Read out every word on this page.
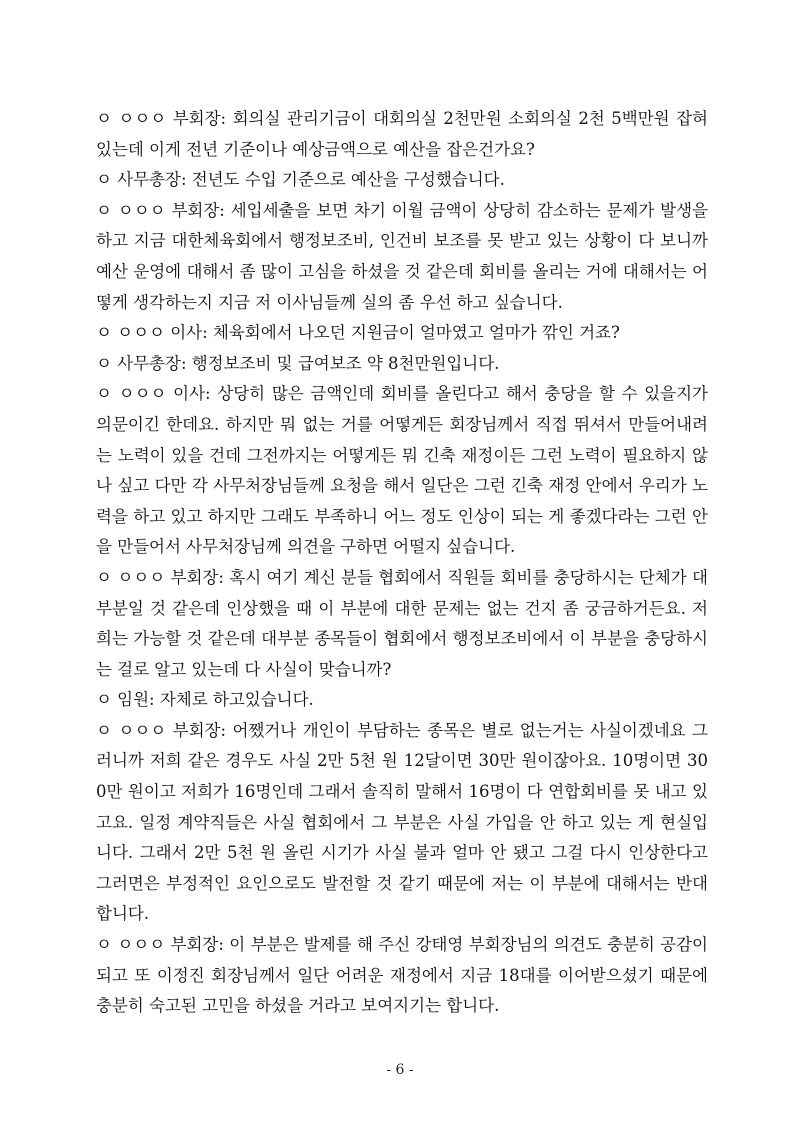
ㅇ ㅇㅇㅇ 부회장: 회의실 관리기금이 대회의실 2천만원 소회의실 2천 5백만원 잡혀있는데 이게 전년 기준이나 예상금액으로 예산을 잡은건가요?

ㅇ 사무총장: 전년도 수입 기준으로 예산을 구성했습니다.

ㅇ ㅇㅇㅇ 부회장: 세입세출을 보면 차기 이월 금액이 상당히 감소하는 문제가 발생을하고 지금 대한체육회에서 행정보조비, 인건비 보조를 못 받고 있는 상황이 다 보니까 예산 운영에 대해서 좀 많이 고심을 하셨을 것 같은데 회비를 올리는 거에 대해서는 어떻게 생각하는지 지금 저 이사님들께 실의 좀 우선 하고 싶습니다.

ㅇ ㅇㅇㅇ 이사: 체육회에서 나오던 지원금이 얼마였고 얼마가 깎인 거죠?

ㅇ 사무총장: 행정보조비 및 급여보조 약 8천만원입니다.

ㅇ ㅇㅇㅇ 이사: 상당히 많은 금액인데 회비를 올린다고 해서 충당을 할 수 있을지가 의문이긴 한데요. 하지만 뭐 없는 거를 어떻게든 회장님께서 직접 뛰셔서 만들어내려는 노력이 있을 건데 그전까지는 어떻게든 뭐 긴축 재정이든 그런 노력이 필요하지 않나 싶고 다만 각 사무처장님들께 요청을 해서 일단은 그런 긴축 재정 안에서 우리가 노력을 하고 있고 하지만 그래도 부족하니 어느 정도 인상이 되는 게 좋겠다라는 그런 안을 만들어서 사무처장님께 의견을 구하면 어떨지 싶습니다.

ㅇ ㅇㅇㅇ 부회장: 혹시 여기 계신 분들 협회에서 직원들 회비를 충당하시는 단체가 대부분일 것 같은데 인상했을 때 이 부분에 대한 문제는 없는 건지 좀 궁금하거든요. 저희는 가능할 것 같은데 대부분 종목들이 협회에서 행정보조비에서 이 부분을 충당하시는 걸로 알고 있는데 다 사실이 맞습니까?

ㅇ 임원: 자체로 하고있습니다.

ㅇ ㅇㅇㅇ 부회장: 어쨌거나 개인이 부담하는 종목은 별로 없는거는 사실이겠네요 그러니까 저희 같은 경우도 사실 2만 5천 원 12달이면 30만 원이잖아요. 10명이면 300만 원이고 저희가 16명인데 그래서 솔직히 말해서 16명이 다 연합회비를 못 내고 있고요. 일정 계약직들은 사실 협회에서 그 부분은 사실 가입을 안 하고 있는 게 현실입니다. 그래서 2만 5천 원 올린 시기가 사실 불과 얼마 안 됐고 그걸 다시 인상한다고 그러면은 부정적인 요인으로도 발전할 것 같기 때문에 저는 이 부분에 대해서는 반대합니다.

ㅇ ㅇㅇㅇ 부회장: 이 부분은 발제를 해 주신 강태영 부회장님의 의견도 충분히 공감이 되고 또 이정진 회장님께서 일단 어려운 재정에서 지금 18대를 이어받으셨기 때문에 충분히 숙고된 고민을 하셨을 거라고 보여지기는 합니다.

- 6 -
